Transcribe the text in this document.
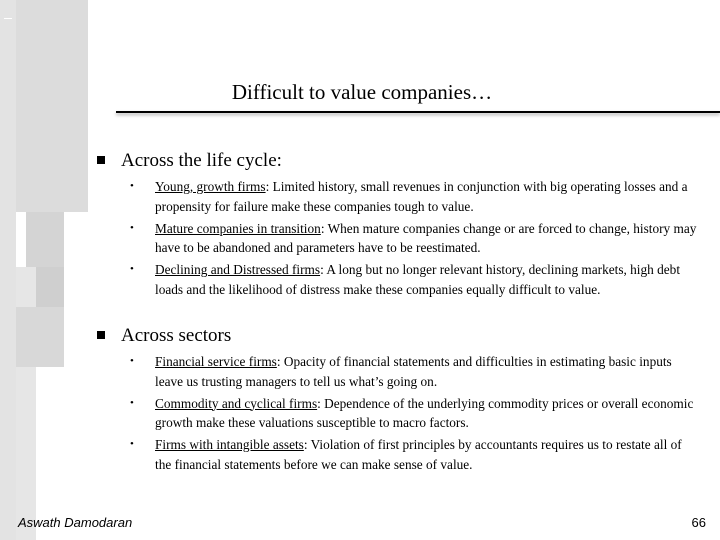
Difficult to value companies…
Across the life cycle:
• Young, growth firms: Limited history, small revenues in conjunction with big operating losses and a propensity for failure make these companies tough to value.
• Mature companies in transition: When mature companies change or are forced to change, history may have to be abandoned and parameters have to be reestimated.
• Declining and Distressed firms: A long but no longer relevant history, declining markets, high debt loads and the likelihood of distress make these companies equally difficult to value.
Across sectors
• Financial service firms: Opacity of financial statements and difficulties in estimating basic inputs leave us trusting managers to tell us what’s going on.
• Commodity and cyclical firms: Dependence of the underlying commodity prices or overall economic growth make these valuations susceptible to macro factors.
• Firms with intangible assets: Violation of first principles by accountants requires us to restate all of the financial statements before we can make sense of value.
Aswath Damodaran	66
